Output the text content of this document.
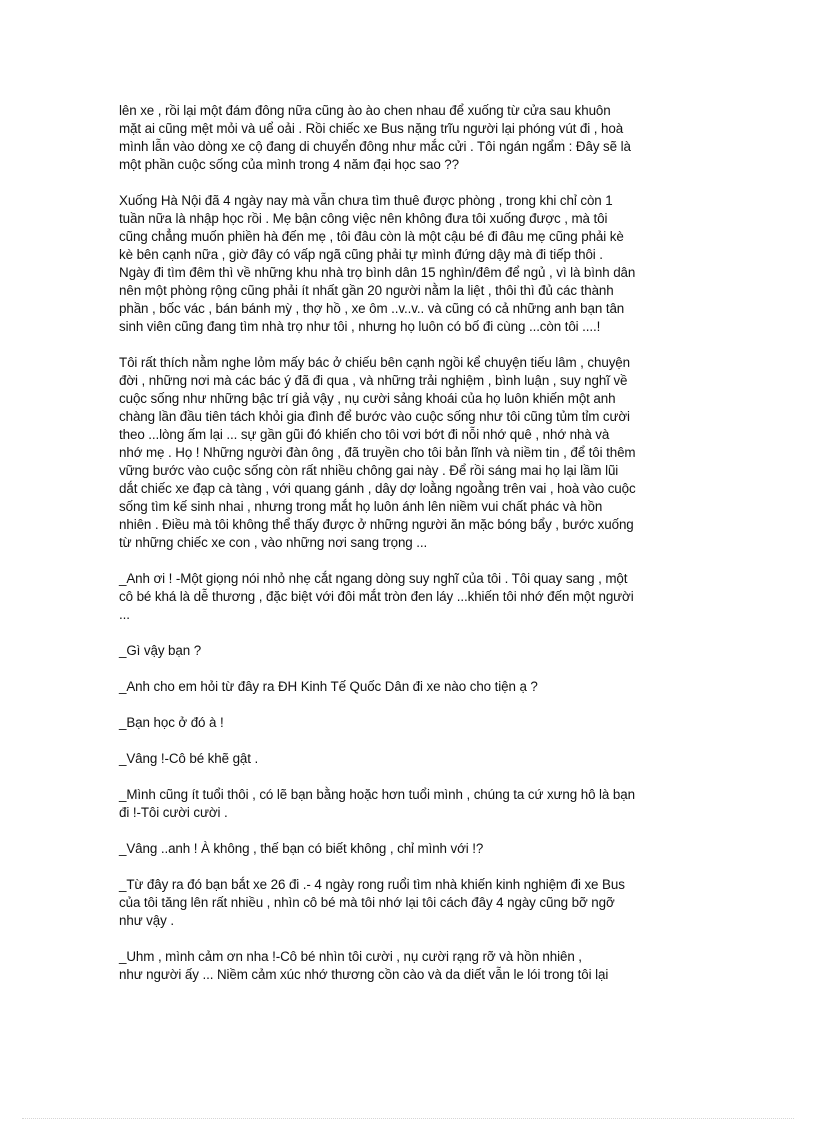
lên xe , rồi lại một đám đông nữa cũng ào ào chen nhau để xuống từ cửa sau khuôn
mặt ai cũng mệt mỏi và uể oải . Rồi chiếc xe Bus nặng trĩu người lại phóng vút đi , hoà
mình lẫn vào dòng xe cộ đang di chuyển đông như mắc cửi . Tôi ngán ngẩm : Đây sẽ là
một phần cuộc sống của mình trong 4 năm đại học sao ??

Xuống Hà Nội đã 4 ngày nay mà vẫn chưa tìm thuê được phòng , trong khi chỉ còn 1
tuần nữa là nhập học rồi . Mẹ bận công việc nên không đưa tôi xuống được , mà tôi
cũng chẳng muốn phiền hà đến mẹ , tôi đâu còn là một cậu bé đi đâu mẹ cũng phải kè
kè bên cạnh nữa , giờ đây có vấp ngã cũng phải tự mình đứng dậy mà đi tiếp thôi .
Ngày đi tìm đêm thì về những khu nhà trọ bình dân 15 nghìn/đêm để ngủ , vì là bình dân
nên một phòng rộng cũng phải ít nhất gần 20 người nằm la liệt , thôi thì đủ các thành
phần , bốc vác , bán bánh mỳ , thợ hồ , xe ôm ..v..v.. và cũng có cả những anh bạn tân
sinh viên cũng đang tìm nhà trọ như tôi , nhưng họ luôn có bố đi cùng ...còn tôi ....!

Tôi rất thích nằm nghe lỏm mấy bác ở chiếu bên cạnh ngồi kể chuyện tiếu lâm , chuyện
đời , những nơi mà các bác ý đã đi qua , và những trải nghiệm , bình luận , suy nghĩ về
cuộc sống như những bậc trí giả vậy , nụ cười sảng khoái của họ luôn khiến một anh
chàng lần đầu tiên tách khỏi gia đình để bước vào cuộc sống như tôi cũng tủm tỉm cười
theo ...lòng ấm lại ... sự gần gũi đó khiến cho tôi vơi bớt đi nỗi nhớ quê , nhớ nhà và
nhớ mẹ . Họ ! Những người đàn ông , đã truyền cho tôi bản lĩnh và niềm tin , để tôi thêm
vững bước vào cuộc sống còn rất nhiều chông gai này . Để rồi sáng mai họ lại lầm lũi
dắt chiếc xe đạp cà tàng , với quang gánh , dây dợ loằng ngoằng trên vai , hoà vào cuộc
sống tìm kế sinh nhai , nhưng trong mắt họ luôn ánh lên niềm vui chất phác và hồn
nhiên . Điều mà tôi không thể thấy được ở những người ăn mặc bóng bẩy , bước xuống
từ những chiếc xe con , vào những nơi sang trọng ...

_Anh ơi ! -Một giọng nói nhỏ nhẹ cắt ngang dòng suy nghĩ của tôi . Tôi quay sang , một
cô bé khá là dễ thương , đặc biệt với đôi mắt tròn đen láy ...khiến tôi nhớ đến một người
...

_Gì vậy bạn ?

_Anh cho em hỏi từ đây ra ĐH Kinh Tế Quốc Dân đi xe nào cho tiện ạ ?

_Bạn học ở đó à !

_Vâng !-Cô bé khẽ gật .

_Mình cũng ít tuổi thôi , có lẽ bạn bằng hoặc hơn tuổi mình , chúng ta cứ xưng hô là bạn
đi !-Tôi cười cười .

_Vâng ..anh ! À không , thế bạn có biết không , chỉ mình với !?

_Từ đây ra đó bạn bắt xe 26 đi .- 4 ngày rong ruổi tìm nhà khiến kinh nghiệm đi xe Bus
của tôi tăng lên rất nhiều , nhìn cô bé mà tôi nhớ lại tôi cách đây 4 ngày cũng bỡ ngỡ
như vậy .

_Uhm , mình cảm ơn nha !-Cô bé nhìn tôi cười , nụ cười rạng rỡ và hồn nhiên ,
như người ấy ... Niềm cảm xúc nhớ thương cồn cào và da diết vẫn le lói trong tôi lại
